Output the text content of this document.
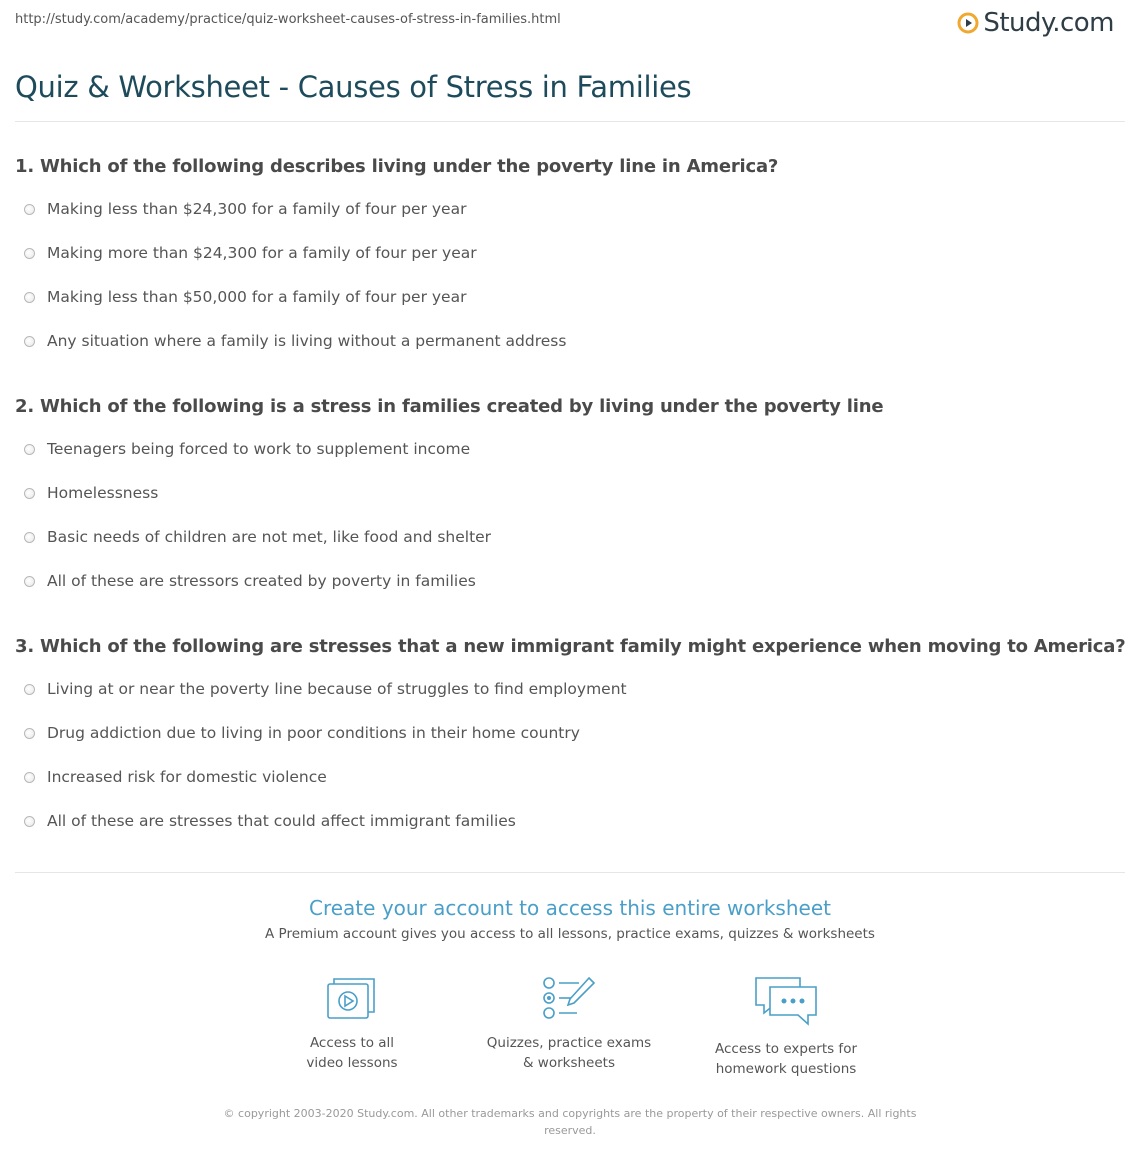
http://study.com/academy/practice/quiz-worksheet-causes-of-stress-in-families.html	Study.com
Quiz & Worksheet - Causes of Stress in Families
1. Which of the following describes living under the poverty line in America?
Making less than $24,300 for a family of four per year
Making more than $24,300 for a family of four per year
Making less than $50,000 for a family of four per year
Any situation where a family is living without a permanent address
2. Which of the following is a stress in families created by living under the poverty line
Teenagers being forced to work to supplement income
Homelessness
Basic needs of children are not met, like food and shelter
All of these are stressors created by poverty in families
3. Which of the following are stresses that a new immigrant family might experience when moving to America?
Living at or near the poverty line because of struggles to find employment
Drug addiction due to living in poor conditions in their home country
Increased risk for domestic violence
All of these are stresses that could affect immigrant families
Create your account to access this entire worksheet
A Premium account gives you access to all lessons, practice exams, quizzes & worksheets
Access to all
video lessons
Quizzes, practice exams
& worksheets
Access to experts for
homework questions
© copyright 2003-2020 Study.com. All other trademarks and copyrights are the property of their respective owners. All rights reserved.
